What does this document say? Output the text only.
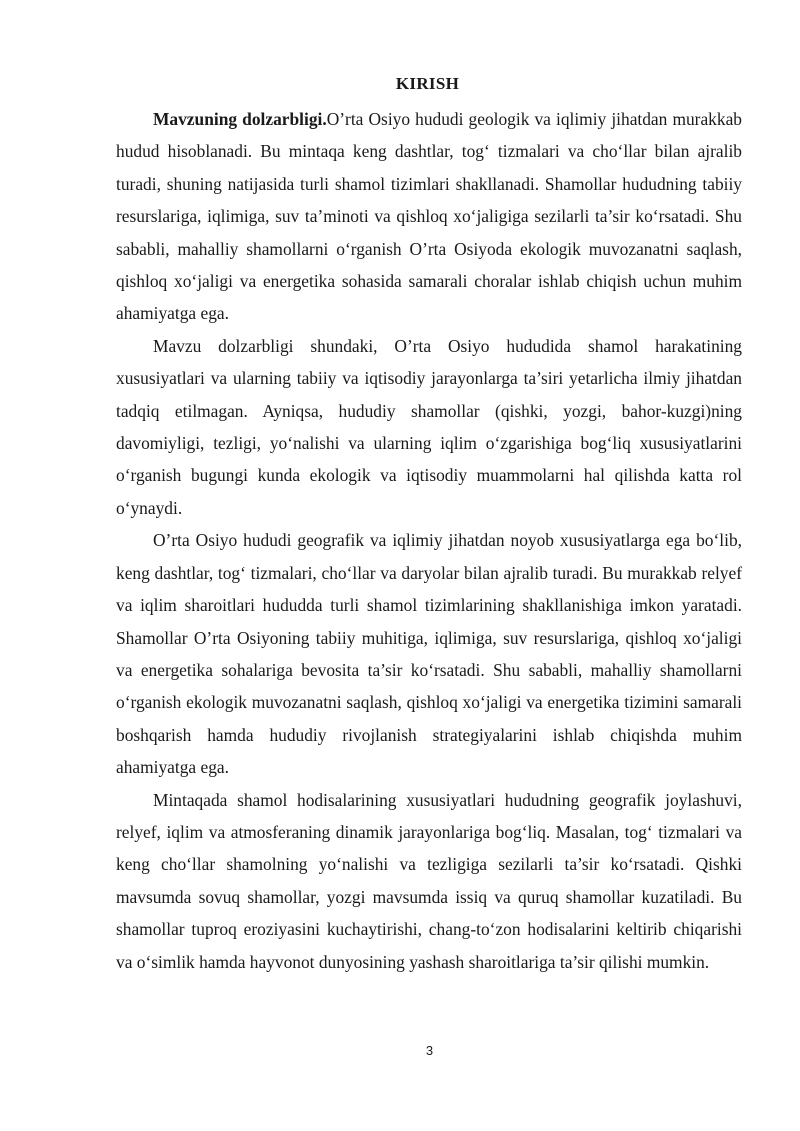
KIRISH

Mavzuning dolzarbligi.O’rta Osiyo hududi geologik va iqlimiy jihatdan murakkab hudud hisoblanadi. Bu mintaqa keng dashtlar, tog‘ tizmalari va cho‘llar bilan ajralib turadi, shuning natijasida turli shamol tizimlari shakllanadi. Shamollar hududning tabiiy resurslariga, iqlimiga, suv ta’minoti va qishloq xo‘jaligiga sezilarli ta’sir ko‘rsatadi. Shu sababli, mahalliy shamollarni o‘rganish O’rta Osiyoda ekologik muvozanatni saqlash, qishloq xo‘jaligi va energetika sohasida samarali choralar ishlab chiqish uchun muhim ahamiyatga ega.

Mavzu dolzarbligi shundaki, O’rta Osiyo hududida shamol harakatining xususiyatlari va ularning tabiiy va iqtisodiy jarayonlarga ta’siri yetarlicha ilmiy jihatdan tadqiq etilmagan. Ayniqsa, hududiy shamollar (qishki, yozgi, bahor-kuzgi)ning davomiyligi, tezligi, yo‘nalishi va ularning iqlim o‘zgarishiga bog‘liq xususiyatlarini o‘rganish bugungi kunda ekologik va iqtisodiy muammolarni hal qilishda katta rol o‘ynaydi.

O’rta Osiyo hududi geografik va iqlimiy jihatdan noyob xususiyatlarga ega bo‘lib, keng dashtlar, tog‘ tizmalari, cho‘llar va daryolar bilan ajralib turadi. Bu murakkab relyef va iqlim sharoitlari hududda turli shamol tizimlarining shakllanishiga imkon yaratadi. Shamollar O’rta Osiyoning tabiiy muhitiga, iqlimiga, suv resurslariga, qishloq xo‘jaligi va energetika sohalariga bevosita ta’sir ko‘rsatadi. Shu sababli, mahalliy shamollarni o‘rganish ekologik muvozanatni saqlash, qishloq xo‘jaligi va energetika tizimini samarali boshqarish hamda hududiy rivojlanish strategiyalarini ishlab chiqishda muhim ahamiyatga ega.

Mintaqada shamol hodisalarining xususiyatlari hududning geografik joylashuvi, relyef, iqlim va atmosferaning dinamik jarayonlariga bog‘liq. Masalan, tog‘ tizmalari va keng cho‘llar shamolning yo‘nalishi va tezligiga sezilarli ta’sir ko‘rsatadi. Qishki mavsumda sovuq shamollar, yozgi mavsumda issiq va quruq shamollar kuzatiladi. Bu shamollar tuproq eroziyasini kuchaytirishi, chang-to‘zon hodisalarini keltirib chiqarishi va o‘simlik hamda hayvonot dunyosining yashash sharoitlariga ta’sir qilishi mumkin.

3
